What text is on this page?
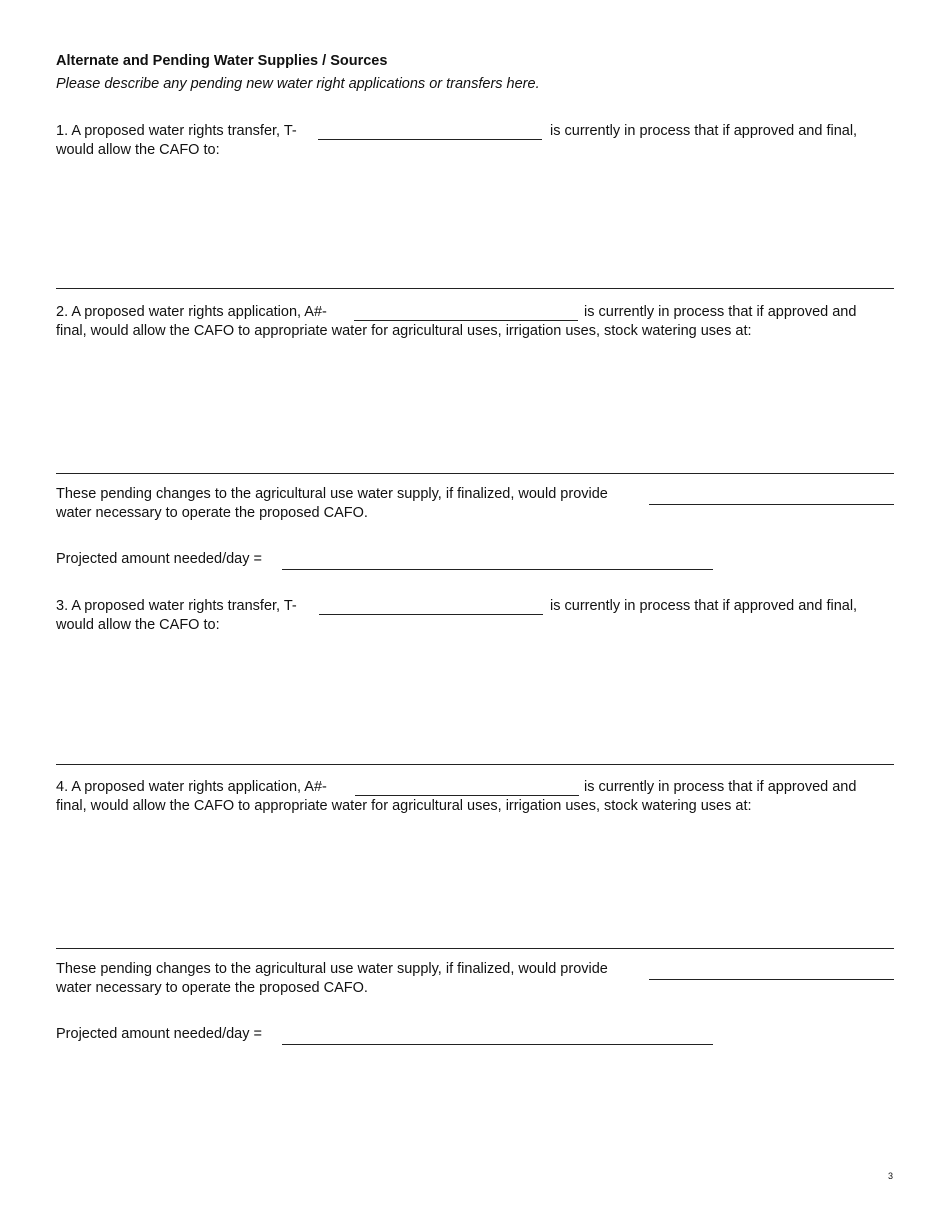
Alternate and Pending Water Supplies / Sources
Please describe any pending new water right applications or transfers here.
1. A proposed water rights transfer, T-	is currently in process that if approved and final,
would allow the CAFO to:
2. A proposed water rights application, A#-	is currently in process that if approved and
final, would allow the CAFO to appropriate water for agricultural uses, irrigation uses, stock watering uses at:
These pending changes to the agricultural use water supply, if finalized, would provide
water necessary to operate the proposed CAFO.
Projected amount needed/day =
3. A proposed water rights transfer, T-	is currently in process that if approved and final,
would allow the CAFO to:
4. A proposed water rights application, A#-	is currently in process that if approved and
final, would allow the CAFO to appropriate water for agricultural uses, irrigation uses, stock watering uses at:
These pending changes to the agricultural use water supply, if finalized, would provide
water necessary to operate the proposed CAFO.
Projected amount needed/day =
3
